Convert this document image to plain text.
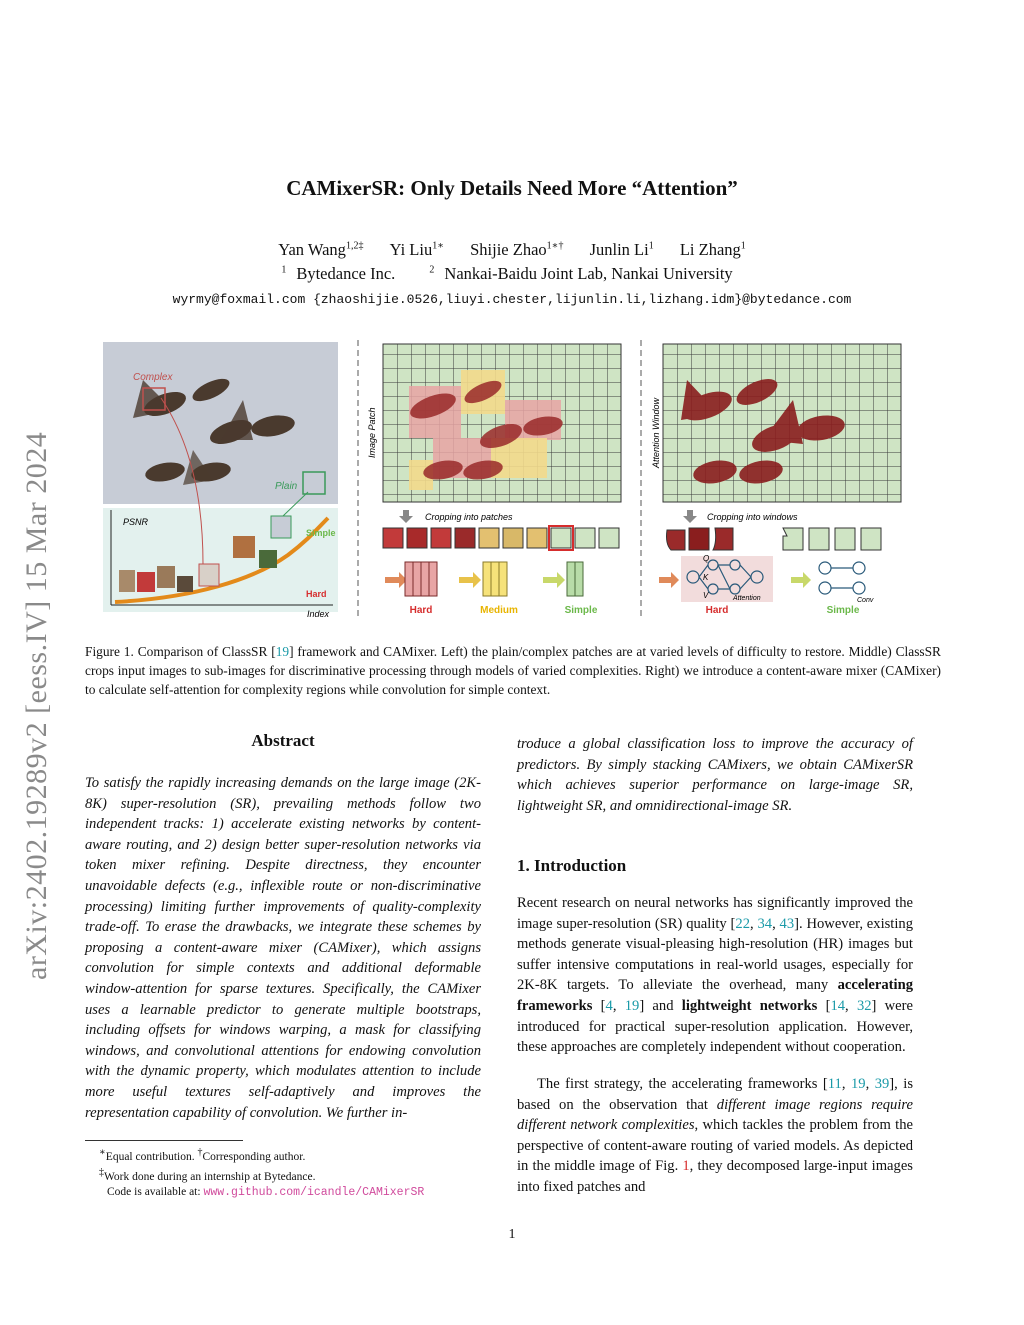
arXiv:2402.19289v2 [eess.IV] 15 Mar 2024
CAMixerSR: Only Details Need More “Attention”
Yan Wang$^{1,2\ddagger}$ Yi Liu$^{1∗}$ Shijie Zhao$^{1∗\dagger}$ Junlin Li$^1$ Li Zhang$^1$
$^1$ Bytedance Inc.	$^2$ Nankai-Baidu Joint Lab, Nankai University
wyrmy@foxmail.com {zhaoshijie.0526,liuyi.chester,lijunlin.li,lizhang.idm}@bytedance.com
Complex
Plain
PSNR
Index
Simple
Hard
Image Patch
Cropping into patches
Hard	Medium	Simple
Attention Window
Cropping into windows
Q
K
V	Attention	Conv
Hard	Simple
Figure 1. Comparison of ClassSR [19] framework and CAMixer. Left) the plain/complex patches are at varied levels of difficulty to restore. Middle) ClassSR crops input images to sub-images for discriminative processing through models of varied complexities. Right) we introduce a content-aware mixer (CAMixer) to calculate self-attention for complexity regions while convolution for simple context.
Abstract
To satisfy the rapidly increasing demands on the large image (2K-8K) super-resolution (SR), prevailing methods follow two independent tracks: 1) accelerate existing networks by content-aware routing, and 2) design better super-resolution networks via token mixer refining. Despite directness, they encounter unavoidable defects (e.g., inflexible route or non-discriminative processing) limiting further improvements of quality-complexity trade-off. To erase the drawbacks, we integrate these schemes by proposing a content-aware mixer (CAMixer), which assigns convolution for simple contexts and additional deformable window-attention for sparse textures. Specifically, the CAMixer uses a learnable predictor to generate multiple bootstraps, including offsets for windows warping, a mask for classifying windows, and convolutional attentions for endowing convolution with the dynamic property, which modulates attention to include more useful textures self-adaptively and improves the representation capability of convolution. We further in-
troduce a global classification loss to improve the accuracy of predictors. By simply stacking CAMixers, we obtain CAMixerSR which achieves superior performance on large-image SR, lightweight SR, and omnidirectional-image SR.
1. Introduction
Recent research on neural networks has significantly improved the image super-resolution (SR) quality [22, 34, 43]. However, existing methods generate visual-pleasing high-resolution (HR) images but suffer intensive computations in real-world usages, especially for 2K-8K targets. To alleviate the overhead, many accelerating frameworks [4, 19] and lightweight networks [14, 32] were introduced for practical super-resolution application. However, these approaches are completely independent without cooperation.
The first strategy, the accelerating frameworks [11, 19, 39], is based on the observation that different image regions require different network complexities, which tackles the problem from the perspective of content-aware routing of varied models. As depicted in the middle image of Fig. 1, they decomposed large-input images into fixed patches and
∗Equal contribution. †Corresponding author.
‡Work done during an internship at Bytedance.
Code is available at: www.github.com/icandle/CAMixerSR
1
